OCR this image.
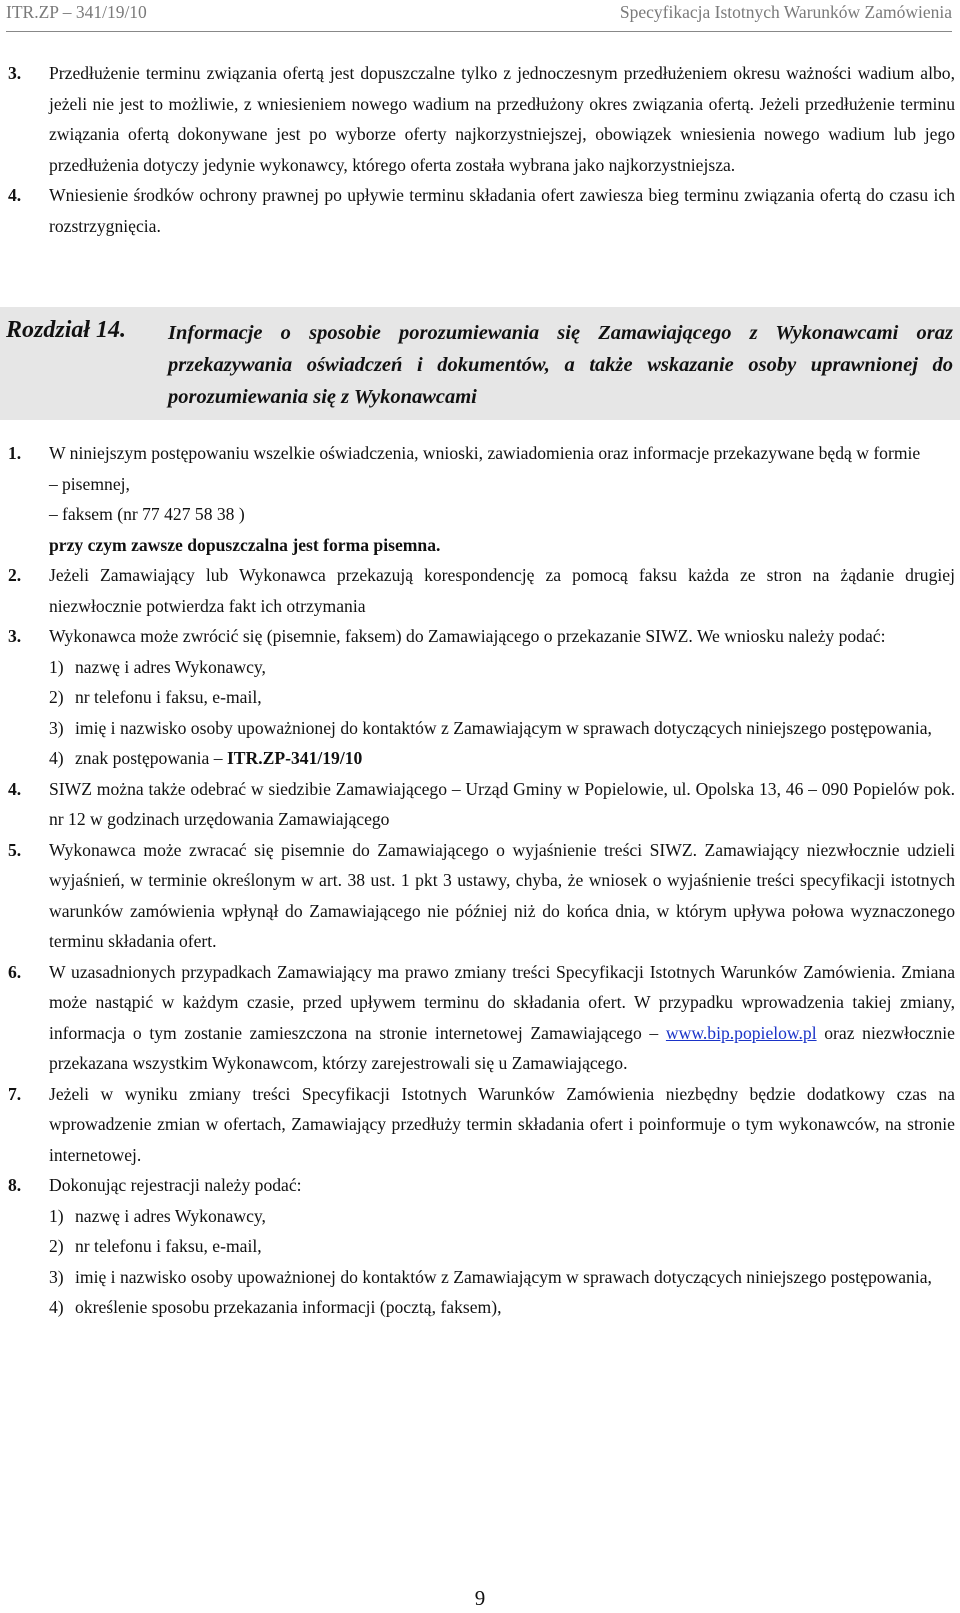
ITR.ZP – 341/19/10	Specyfikacja Istotnych Warunków Zamówienia
3. Przedłużenie terminu związania ofertą jest dopuszczalne tylko z jednoczesnym przedłużeniem okresu ważności wadium albo, jeżeli nie jest to możliwie, z wniesieniem nowego wadium na przedłużony okres związania ofertą. Jeżeli przedłużenie terminu związania ofertą dokonywane jest po wyborze oferty najkorzystniejszej, obowiązek wniesienia nowego wadium lub jego przedłużenia dotyczy jedynie wykonawcy, którego oferta została wybrana jako najkorzystniejsza.
4. Wniesienie środków ochrony prawnej po upływie terminu składania ofert zawiesza bieg terminu związania ofertą do czasu ich rozstrzygnięcia.
Rozdział 14. Informacje o sposobie porozumiewania się Zamawiającego z Wykonawcami oraz przekazywania oświadczeń i dokumentów, a także wskazanie osoby uprawnionej do porozumiewania się z Wykonawcami
1. W niniejszym postępowaniu wszelkie oświadczenia, wnioski, zawiadomienia oraz informacje przekazywane będą w formie
– pisemnej,
– faksem (nr 77 427 58 38 )
przy czym zawsze dopuszczalna jest forma pisemna.
2. Jeżeli Zamawiający lub Wykonawca przekazują korespondencję za pomocą faksu każda ze stron na żądanie drugiej niezwłocznie potwierdza fakt ich otrzymania
3. Wykonawca może zwrócić się (pisemnie, faksem) do Zamawiającego o przekazanie SIWZ. We wniosku należy podać:
1) nazwę i adres Wykonawcy,
2) nr telefonu i faksu, e-mail,
3) imię i nazwisko osoby upoważnionej do kontaktów z Zamawiającym w sprawach dotyczących niniejszego postępowania,
4) znak postępowania – ITR.ZP-341/19/10
4. SIWZ można także odebrać w siedzibie Zamawiającego – Urząd Gminy w Popielowie, ul. Opolska 13, 46 – 090 Popielów pok. nr 12 w godzinach urzędowania Zamawiającego
5. Wykonawca może zwracać się pisemnie do Zamawiającego o wyjaśnienie treści SIWZ. Zamawiający niezwłocznie udzieli wyjaśnień, w terminie określonym w art. 38 ust. 1 pkt 3 ustawy, chyba, że wniosek o wyjaśnienie treści specyfikacji istotnych warunków zamówienia wpłynął do Zamawiającego nie później niż do końca dnia, w którym upływa połowa wyznaczonego terminu składania ofert.
6. W uzasadnionych przypadkach Zamawiający ma prawo zmiany treści Specyfikacji Istotnych Warunków Zamówienia. Zmiana może nastąpić w każdym czasie, przed upływem terminu do składania ofert. W przypadku wprowadzenia takiej zmiany, informacja o tym zostanie zamieszczona na stronie internetowej Zamawiającego – www.bip.popielow.pl oraz niezwłocznie przekazana wszystkim Wykonawcom, którzy zarejestrowali się u Zamawiającego.
7. Jeżeli w wyniku zmiany treści Specyfikacji Istotnych Warunków Zamówienia niezbędny będzie dodatkowy czas na wprowadzenie zmian w ofertach, Zamawiający przedłuży termin składania ofert i poinformuje o tym wykonawców, na stronie internetowej.
8. Dokonując rejestracji należy podać:
1) nazwę i adres Wykonawcy,
2) nr telefonu i faksu, e-mail,
3) imię i nazwisko osoby upoważnionej do kontaktów z Zamawiającym w sprawach dotyczących niniejszego postępowania,
4) określenie sposobu przekazania informacji (pocztą, faksem),
9
